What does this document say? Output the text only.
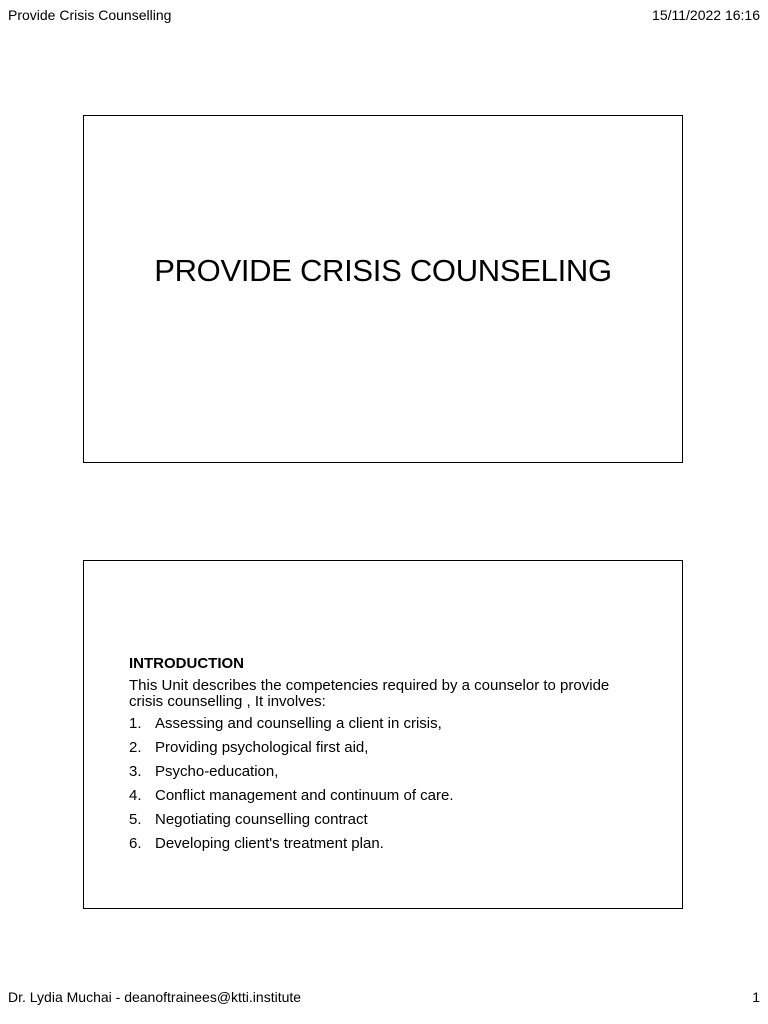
Provide Crisis Counselling	15/11/2022 16:16
PROVIDE CRISIS COUNSELING
INTRODUCTION
This Unit describes the competencies required by a counselor to provide crisis counselling , It involves:
1. Assessing and counselling a client in crisis,
2. Providing psychological first aid,
3. Psycho-education,
4. Conflict management and continuum of care.
5. Negotiating counselling contract
6. Developing client's treatment plan.
Dr. Lydia Muchai - deanoftrainees@ktti.institute	1
